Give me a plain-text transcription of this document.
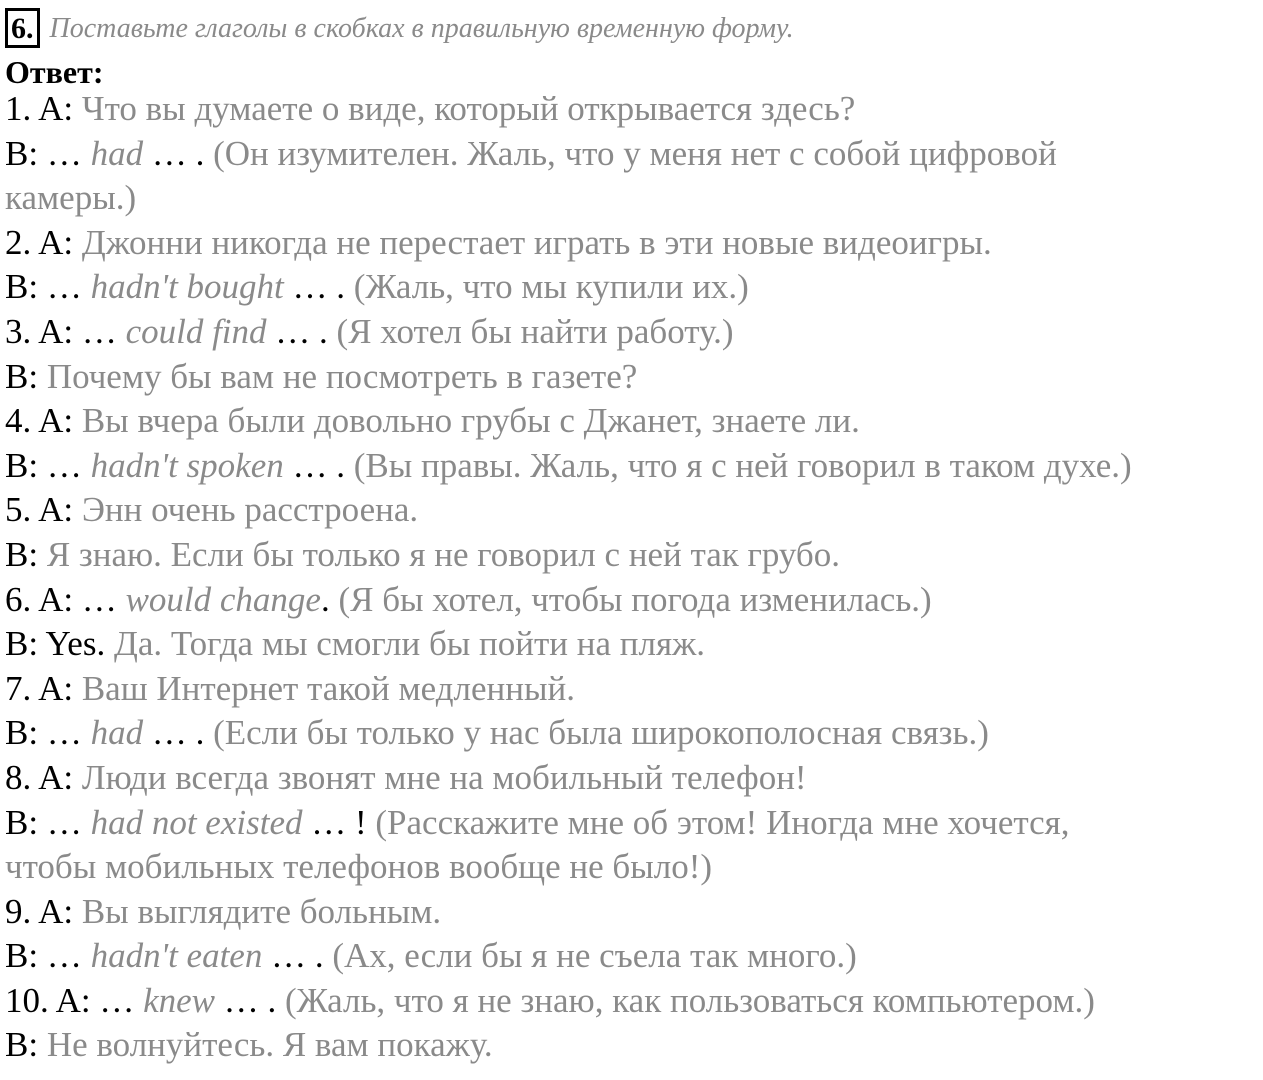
6. Поставьте глаголы в скобках в правильную временную форму.
Ответ:
1. A: Что вы думаете о виде, который открывается здесь?
B: … had … . (Он изумителен. Жаль, что у меня нет с собой цифровой
камеры.)
2. A: Джонни никогда не перестает играть в эти новые видеоигры.
B: … hadn't bought … . (Жаль, что мы купили их.)
3. A: … could find … . (Я хотел бы найти работу.)
B: Почему бы вам не посмотреть в газете?
4. A: Вы вчера были довольно грубы с Джанет, знаете ли.
B: … hadn't spoken … . (Вы правы. Жаль, что я с ней говорил в таком духе.)
5. A: Энн очень расстроена.
B: Я знаю. Если бы только я не говорил с ней так грубо.
6. A: … would change. (Я бы хотел, чтобы погода изменилась.)
B: Yes. Да. Тогда мы смогли бы пойти на пляж.
7. A: Ваш Интернет такой медленный.
B: … had … . (Если бы только у нас была широкополосная связь.)
8. A: Люди всегда звонят мне на мобильный телефон!
B: … had not existed … ! (Расскажите мне об этом! Иногда мне хочется,
чтобы мобильных телефонов вообще не было!)
9. A: Вы выглядите больным.
B: … hadn't eaten … . (Ах, если бы я не съела так много.)
10. A: … knew … . (Жаль, что я не знаю, как пользоваться компьютером.)
B: Не волнуйтесь. Я вам покажу.
